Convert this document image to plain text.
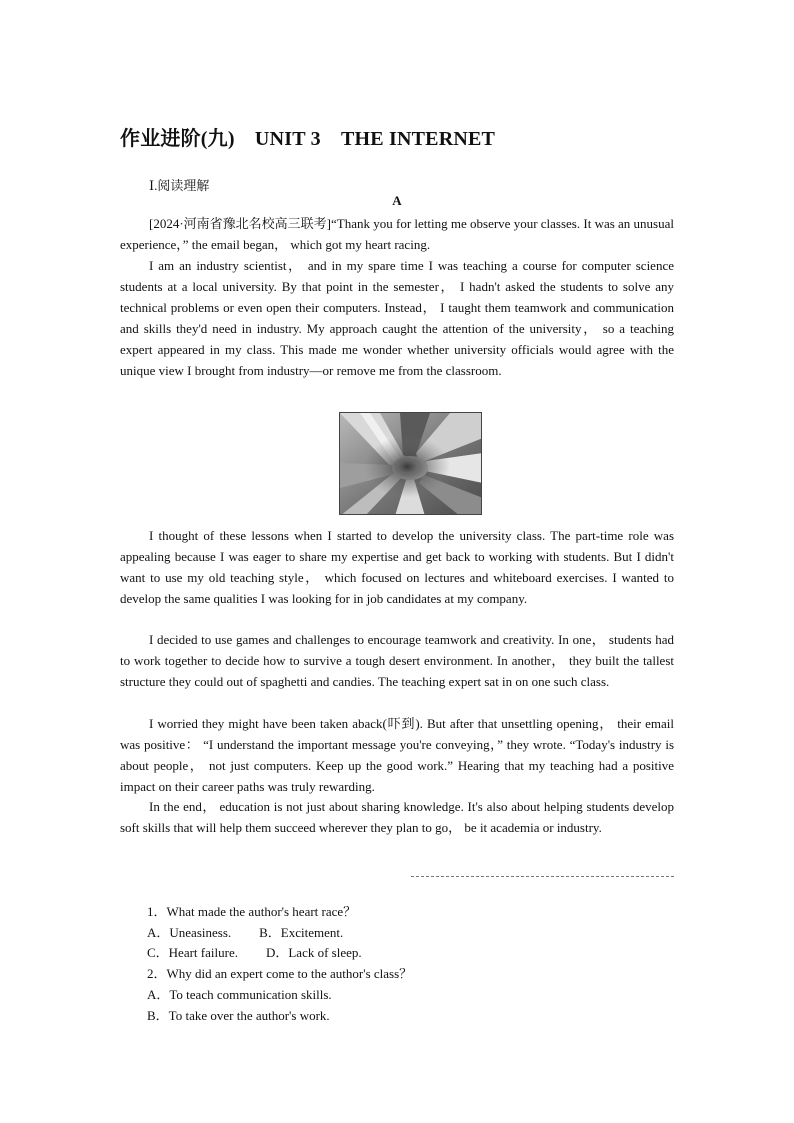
作业进阶(九)　UNIT 3　THE INTERNET
Ⅰ.阅读理解
A

[2024·河南省豫北名校高三联考]“Thank you for letting me observe your classes. It was an unusual experience，” the email began， which got my heart racing.

I am an industry scientist， and in my spare time I was teaching a course for computer science students at a local university. By that point in the semester， I hadn't asked the students to solve any technical problems or even open their computers. Instead， I taught them teamwork and communication and skills they'd need in industry. My approach caught the attention of the university， so a teaching expert appeared in my class. This made me wonder whether university officials would agree with the unique view I brought from industry—or remove me from the classroom.

I thought of these lessons when I started to develop the university class. The part-time role was appealing because I was eager to share my expertise and get back to working with students. But I didn't want to use my old teaching style， which focused on lectures and whiteboard exercises. I wanted to develop the same qualities I was looking for in job candidates at my company.

I decided to use games and challenges to encourage teamwork and creativity. In one， students had to work together to decide how to survive a tough desert environment. In another， they built the tallest structure they could out of spaghetti and candies. The teaching expert sat in on one such class.

I worried they might have been taken aback(吓到). But after that unsettling opening， their email was positive： “I understand the important message you're conveying，” they wrote. “Today's industry is about people， not just computers. Keep up the good work.” Hearing that my teaching had a positive impact on their career paths was truly rewarding.

In the end， education is not just about sharing knowledge. It's also about helping students develop soft skills that will help them succeed wherever they plan to go， be it academia or industry.

1．What made the author's heart race？
A．Uneasiness. B．Excitement.
C．Heart failure. D．Lack of sleep.
2．Why did an expert come to the author's class？
A．To teach communication skills.
B．To take over the author's work.
